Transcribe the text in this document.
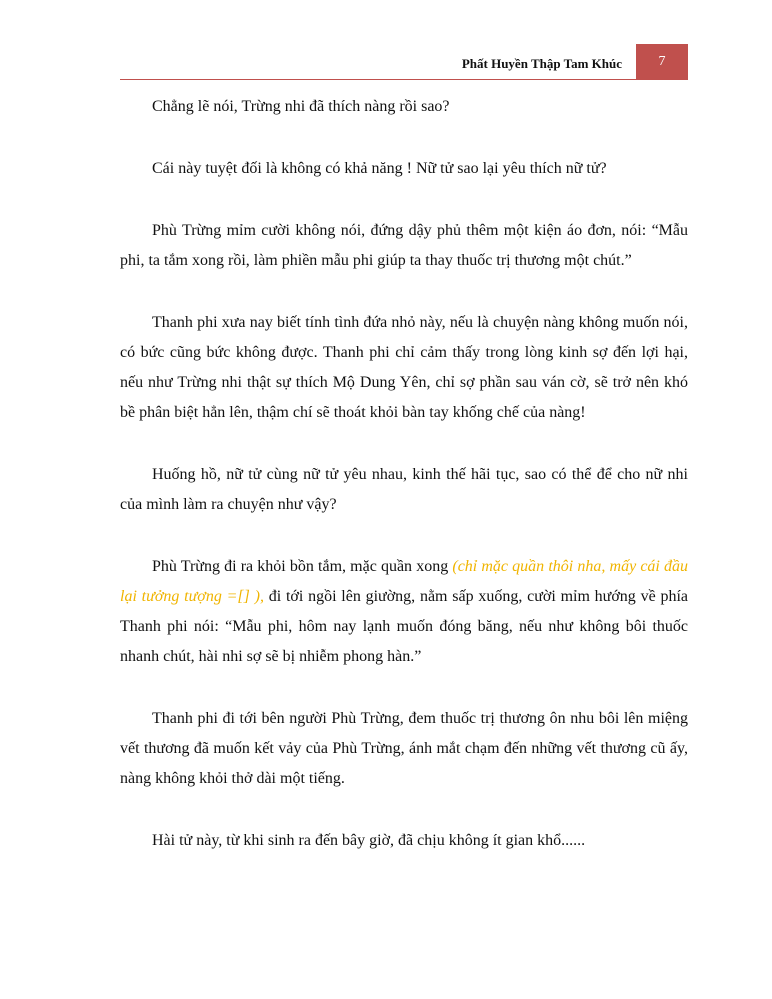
Phất Huyền Thập Tam Khúc	7

  Chẳng lẽ nói, Trừng nhi đã thích nàng rồi sao?

  Cái này tuyệt đối là không có khả năng ! Nữ tử sao lại yêu thích nữ tử?

  Phù Trừng mỉm cười không nói, đứng dậy phủ thêm một kiện áo đơn, nói: “Mẫu phi, ta tắm xong rồi, làm phiền mẫu phi giúp ta thay thuốc trị thương một chút.”

  Thanh phi xưa nay biết tính tình đứa nhỏ này, nếu là chuyện nàng không muốn nói, có bức cũng bức không được. Thanh phi chỉ cảm thấy trong lòng kinh sợ đến lợi hại, nếu như Trừng nhi thật sự thích Mộ Dung Yên, chỉ sợ phần sau ván cờ, sẽ trở nên khó bề phân biệt hẳn lên, thậm chí sẽ thoát khỏi bàn tay khống chế của nàng!

  Huống hồ, nữ tử cùng nữ tử yêu nhau, kinh thế hãi tục, sao có thể để cho nữ nhi của mình làm ra chuyện như vậy?

  Phù Trừng đi ra khỏi bồn tắm, mặc quần xong (chỉ mặc quần thôi nha, mấy cái đầu lại tưởng tượng =[] ), đi tới ngồi lên giường, nằm sấp xuống, cười mỉm hướng về phía Thanh phi nói: “Mẫu phi, hôm nay lạnh muốn đóng băng, nếu như không bôi thuốc nhanh chút, hài nhi sợ sẽ bị nhiễm phong hàn.”

  Thanh phi đi tới bên người Phù Trừng, đem thuốc trị thương ôn nhu bôi lên miệng vết thương đã muốn kết vảy của Phù Trừng, ánh mắt chạm đến những vết thương cũ ấy, nàng không khỏi thở dài một tiếng.

  Hài tử này, từ khi sinh ra đến bây giờ, đã chịu không ít gian khổ......
